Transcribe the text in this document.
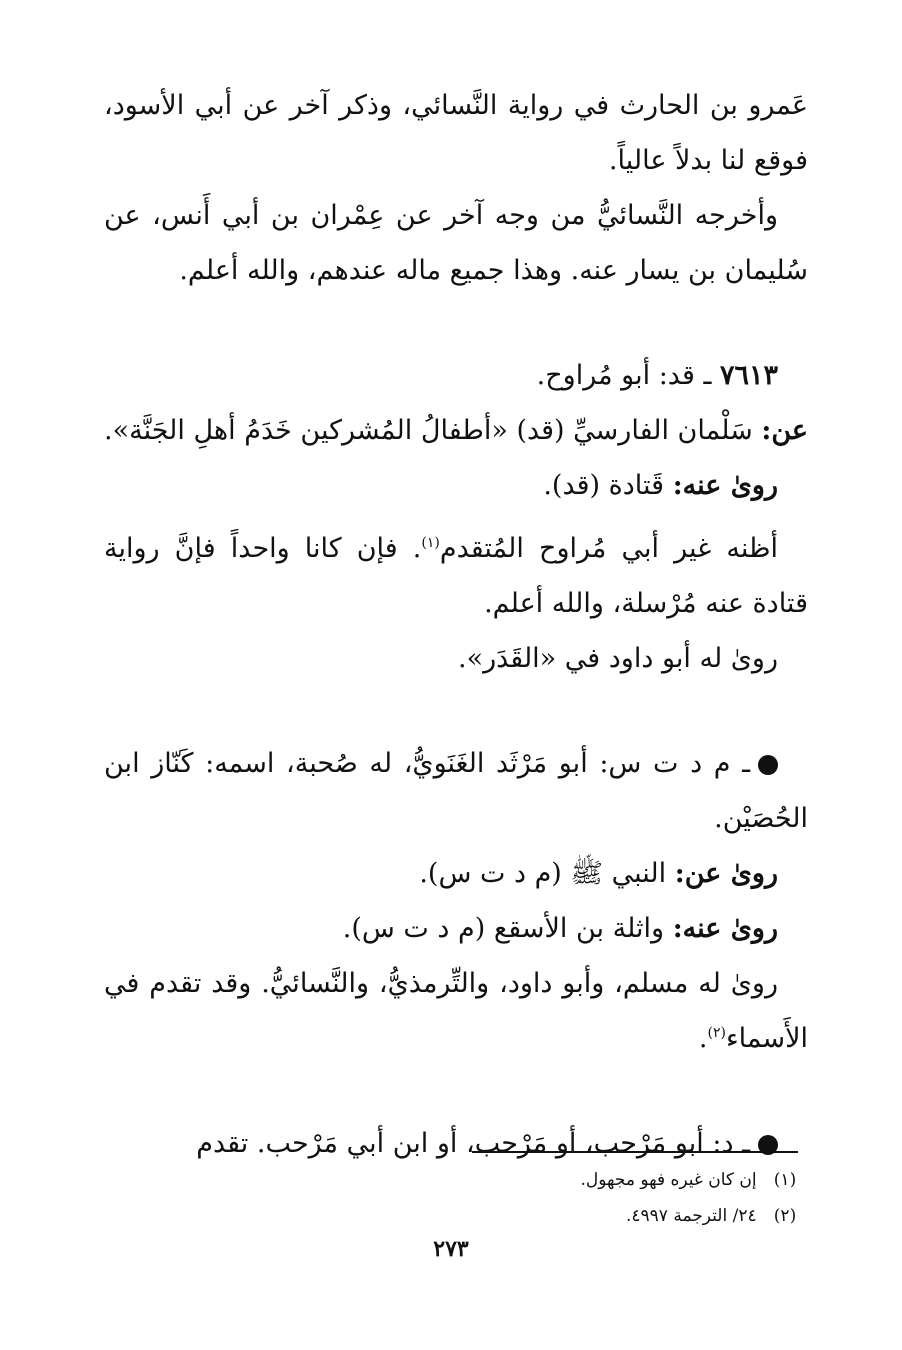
عَمرو بن الحارث في رواية النَّسائي، وذكر آخر عن أبي الأسود، فوقع لنا بدلاً عالياً.

وأخرجه النَّسائيُّ من وجه آخر عن عِمْران بن أبي أَنس، عن سُليمان بن يسار عنه. وهذا جميع ماله عندهم، والله أعلم.

٧٦١٣ ـ قد: أبو مُراوح.

عن: سَلْمان الفارسيِّ (قد) «أطفالُ المُشركين خَدَمُ أهلِ الجَنَّة».

روىٰ عنه: قَتادة (قد).

أظنه غير أبي مُراوح المُتقدم$^{(١)}$. فإن كانا واحداً فإنَّ رواية قتادة عنه مُرْسلة، والله أعلم.

روىٰ له أبو داود في «القَدَر».

ـ م د ت س: أبو مَرْثَد الغَنَويُّ، له صُحبة، اسمه: كَنّاز ابن الحُصَيْن.

روىٰ عن: النبي ﷺ (م د ت س).

روىٰ عنه: واثلة بن الأسقع (م د ت س).

روىٰ له مسلم، وأبو داود، والتِّرمذيُّ، والنَّسائيُّ. وقد تقدم في الأَسماء$^{(٢)}$.

ـ د: أبو مَرْحب، أو مَرْحب، أو ابن أبي مَرْحب. تقدم

(١) إن كان غيره فهو مجهول.
(٢) ٢٤/ الترجمة ٤٩٩٧.
٢٧٣
